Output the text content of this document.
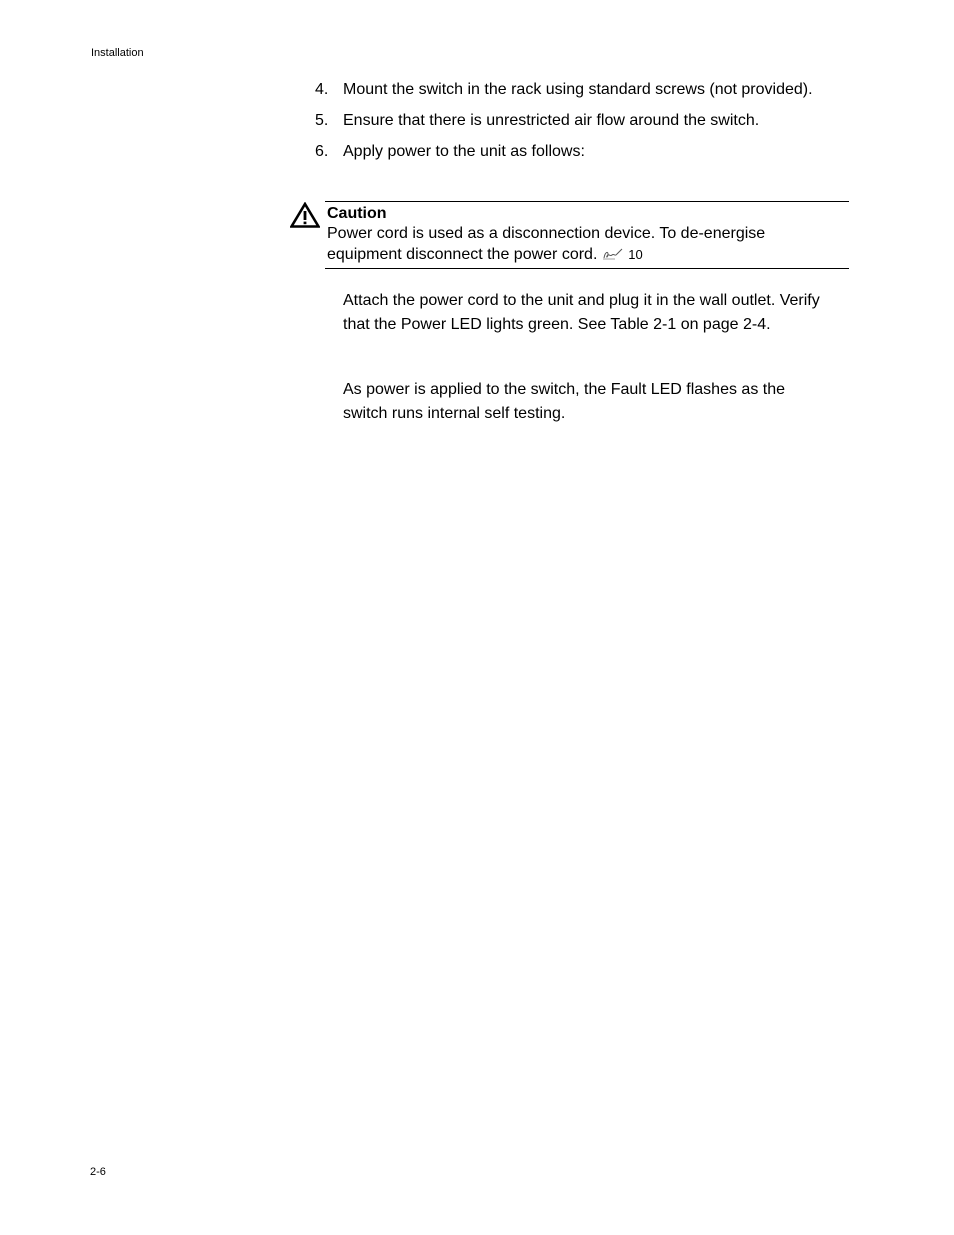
Installation
4. Mount the switch in the rack using standard screws (not provided).
5. Ensure that there is unrestricted air flow around the switch.
6. Apply power to the unit as follows:
Caution
Power cord is used as a disconnection device. To de-energise equipment disconnect the power cord. 10

Attach the power cord to the unit and plug it in the wall outlet. Verify that the Power LED lights green. See Table 2-1 on page 2-4.

As power is applied to the switch, the Fault LED flashes as the switch runs internal self testing.

2-6
